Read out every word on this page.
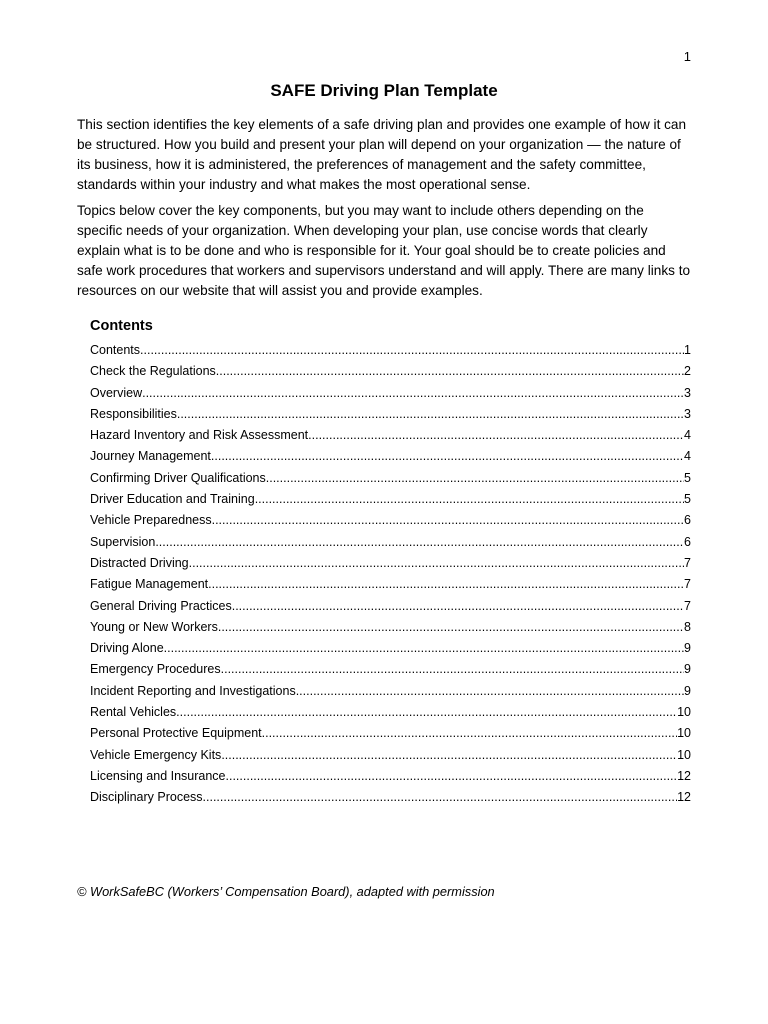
1
SAFE Driving Plan Template

This section identifies the key elements of a safe driving plan and provides one example of how it can be structured. How you build and present your plan will depend on your organization — the nature of its business, how it is administered, the preferences of management and the safety committee, standards within your industry and what makes the most operational sense.

Topics below cover the key components, but you may want to include others depending on the specific needs of your organization. When developing your plan, use concise words that clearly explain what is to be done and who is responsible for it. Your goal should be to create policies and safe work procedures that workers and supervisors understand and will apply. There are many links to resources on our website that will assist you and provide examples.

Contents
Contents .....	1
Check the Regulations .....	2
Overview .....	3
Responsibilities .....	3
Hazard Inventory and Risk Assessment .....	4
Journey Management .....	4
Confirming Driver Qualifications .....	5
Driver Education and Training .....	5
Vehicle Preparedness .....	6
Supervision .....	6
Distracted Driving .....	7
Fatigue Management .....	7
General Driving Practices .....	7
Young or New Workers .....	8
Driving Alone .....	9
Emergency Procedures .....	9
Incident Reporting and Investigations .....	9
Rental Vehicles .....	10
Personal Protective Equipment .....	10
Vehicle Emergency Kits .....	10
Licensing and Insurance .....	12
Disciplinary Process .....	12

© WorkSafeBC (Workers’ Compensation Board), adapted with permission
